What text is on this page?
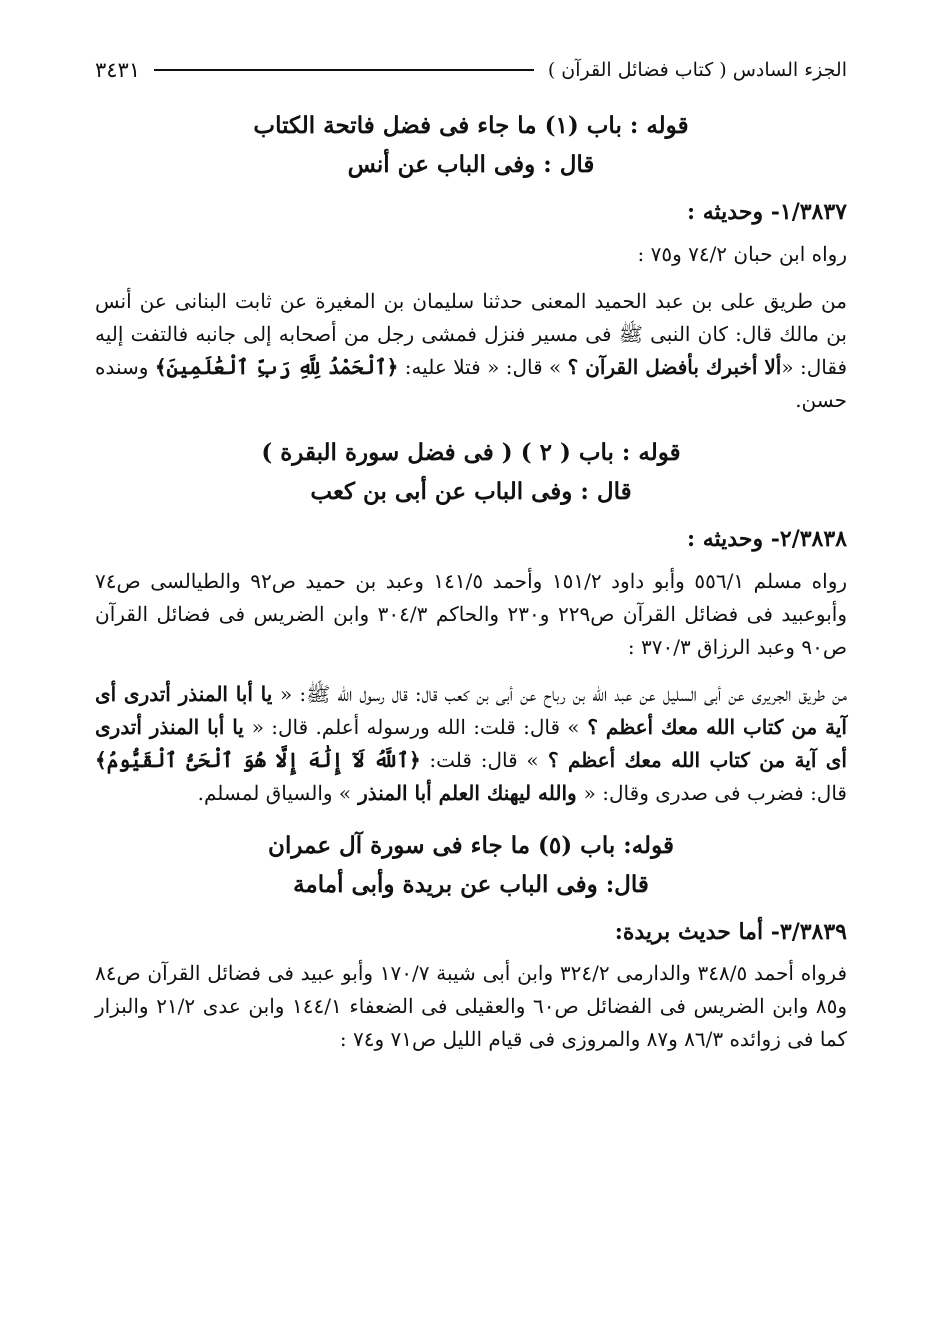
الجزء السادس ( كتاب فضائل القرآن )
٣٤٣١
قوله : باب (١) ما جاء فى فضل فاتحة الكتاب
قال : وفى الباب عن أنس
١/٣٨٣٧- وحديثه :

رواه ابن حبان ٧٤/٢ و٧٥ :

من طريق على بن عبد الحميد المعنى حدثنا سليمان بن المغيرة عن ثابت البنانى عن أنس بن مالك قال: كان النبى ﷺ فى مسير فنزل فمشى رجل من أصحابه إلى جانبه فالتفت إليه فقال: «ألا أخبرك بأفضل القرآن ؟ » قال: « فتلا عليه: ﴿ٱلْحَمْدُ لِلَّهِ رَبِّ ٱلْعَٰلَمِينَ﴾ وسنده حسن.

قوله : باب ( ٢ ) ( فى فضل سورة البقرة )
قال : وفى الباب عن أبى بن كعب
٢/٣٨٣٨- وحديثه :

رواه مسلم ٥٥٦/١ وأبو داود ١٥١/٢ وأحمد ١٤١/٥ وعبد بن حميد ص٩٢ والطيالسى ص٧٤ وأبوعبيد فى فضائل القرآن ص٢٢٩ و٢٣٠ والحاكم ٣٠٤/٣ وابن الضريس فى فضائل القرآن ص٩٠ وعبد الرزاق ٣٧٠/٣ :

من طريق الجريرى عن أبى السليل عن عبد الله بن رباح عن أبى بن كعب قال: قال رسول الله ﷺ: « يا أبا المنذر أتدرى أى آية من كتاب الله معك أعظم ؟ » قال: قلت: الله ورسوله أعلم. قال: « يا أبا المنذر أتدرى أى آية من كتاب الله معك أعظم ؟ » قال: قلت: ﴿ٱللَّهُ لَآ إِلَٰهَ إِلَّا هُوَ ٱلْحَىُّ ٱلْقَيُّومُ﴾ قال: فضرب فى صدرى وقال: « والله ليهنك العلم أبا المنذر » والسياق لمسلم.

قوله: باب (٥) ما جاء فى سورة آل عمران
قال: وفى الباب عن بريدة وأبى أمامة
٣/٣٨٣٩- أما حديث بريدة:

فرواه أحمد ٣٤٨/٥ والدارمى ٣٢٤/٢ وابن أبى شيبة ١٧٠/٧ وأبو عبيد فى فضائل القرآن ص٨٤ و٨٥ وابن الضريس فى الفضائل ص٦٠ والعقيلى فى الضعفاء ١٤٤/١ وابن عدى ٢١/٢ والبزار كما فى زوائده ٨٦/٣ و٨٧ والمروزى فى قيام الليل ص٧١ و٧٤ :
